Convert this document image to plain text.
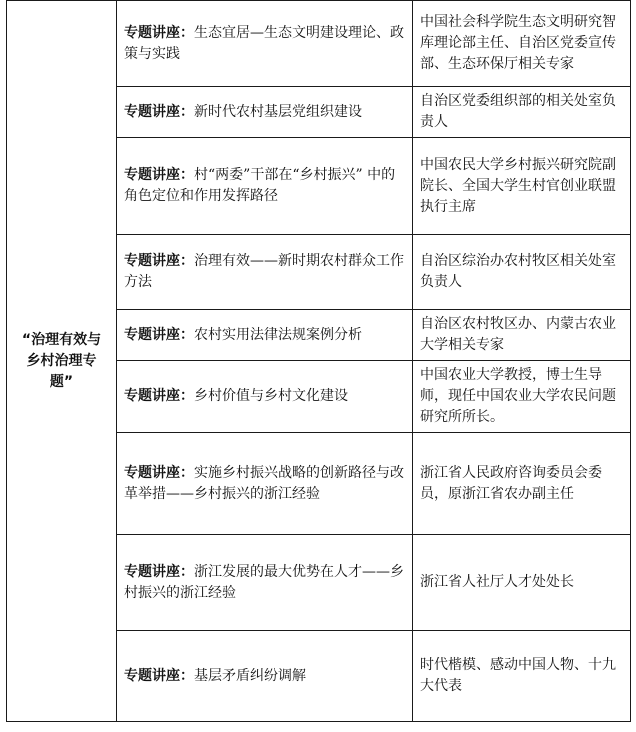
“治理有效与乡村治理专题”	专题讲座：生态宜居—生态文明建设理论、政策与实践	中国社会科学院生态文明研究智库理论部主任、自治区党委宣传部、生态环保厅相关专家
	专题讲座：新时代农村基层党组织建设	自治区党委组织部的相关处室负责人
	专题讲座：村“两委”干部在“乡村振兴” 中的角色定位和作用发挥路径	中国农民大学乡村振兴研究院副院长、全国大学生村官创业联盟执行主席
	专题讲座：治理有效——新时期农村群众工作方法	自治区综治办农村牧区相关处室负责人
	专题讲座：农村实用法律法规案例分析	自治区农村牧区办、内蒙古农业大学相关专家
	专题讲座：乡村价值与乡村文化建设	中国农业大学教授，博士生导师，现任中国农业大学农民问题研究所所长。
	专题讲座：实施乡村振兴战略的创新路径与改革举措——乡村振兴的浙江经验	浙江省人民政府咨询委员会委员，原浙江省农办副主任
	专题讲座：浙江发展的最大优势在人才——乡村振兴的浙江经验	浙江省人社厅人才处处长
	专题讲座：基层矛盾纠纷调解	时代楷模、感动中国人物、十九大代表
